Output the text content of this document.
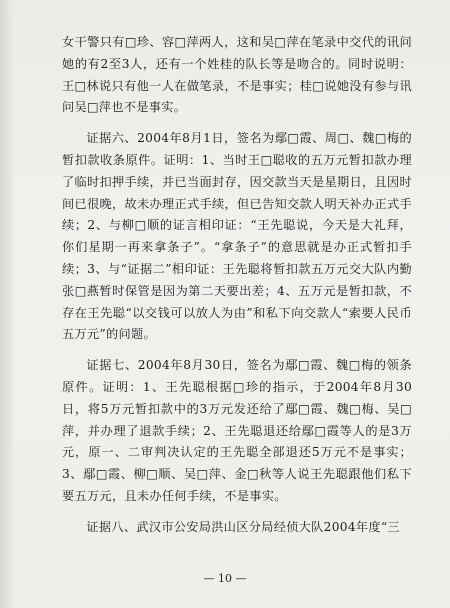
女干警只有□珍、容□萍两人，这和吴□萍在笔录中交代的讯问她的有2至3人，还有一个姓桂的队长等是吻合的。同时说明：王□林说只有他一人在做笔录，不是事实；桂□说她没有参与讯问吴□萍也不是事实。

证据六、2004年8月1日，签名为鄢□霞、周□、魏□梅的暂扣款收条原件。证明：1、当时王□聪收的五万元暂扣款办理了临时扣押手续，并已当面封存，因交款当天是星期日，且因时间已很晚，故未办理正式手续，但已告知交款人明天补办正式手续；2、与柳□顺的证言相印证：“王先聪说，今天是大礼拜，你们星期一再来拿条子”。“拿条子”的意思就是办正式暂扣手续；3、与“证据二”相印证：王先聪将暂扣款五万元交大队内勤张□燕暂时保管是因为第二天要出差；4、五万元是暂扣款，不存在王先聪“以交钱可以放人为由”和私下向交款人“索要人民币五万元”的问题。

证据七、2004年8月30日，签名为鄢□霞、魏□梅的领条原件。证明：1、王先聪根据□珍的指示，于2004年8月30日，将5万元暂扣款中的3万元发还给了鄢□霞、魏□梅、吴□萍，并办理了退款手续；2、王先聪退还给鄢□霞等人的是3万元，原一、二审判决认定的王先聪全部退还5万元不是事实；3、鄢□霞、柳□顺、吴□萍、金□秋等人说王先聪跟他们私下要五万元，且未办任何手续，不是事实。

证据八、武汉市公安局洪山区分局经侦大队2004年度“三

— 10 —
